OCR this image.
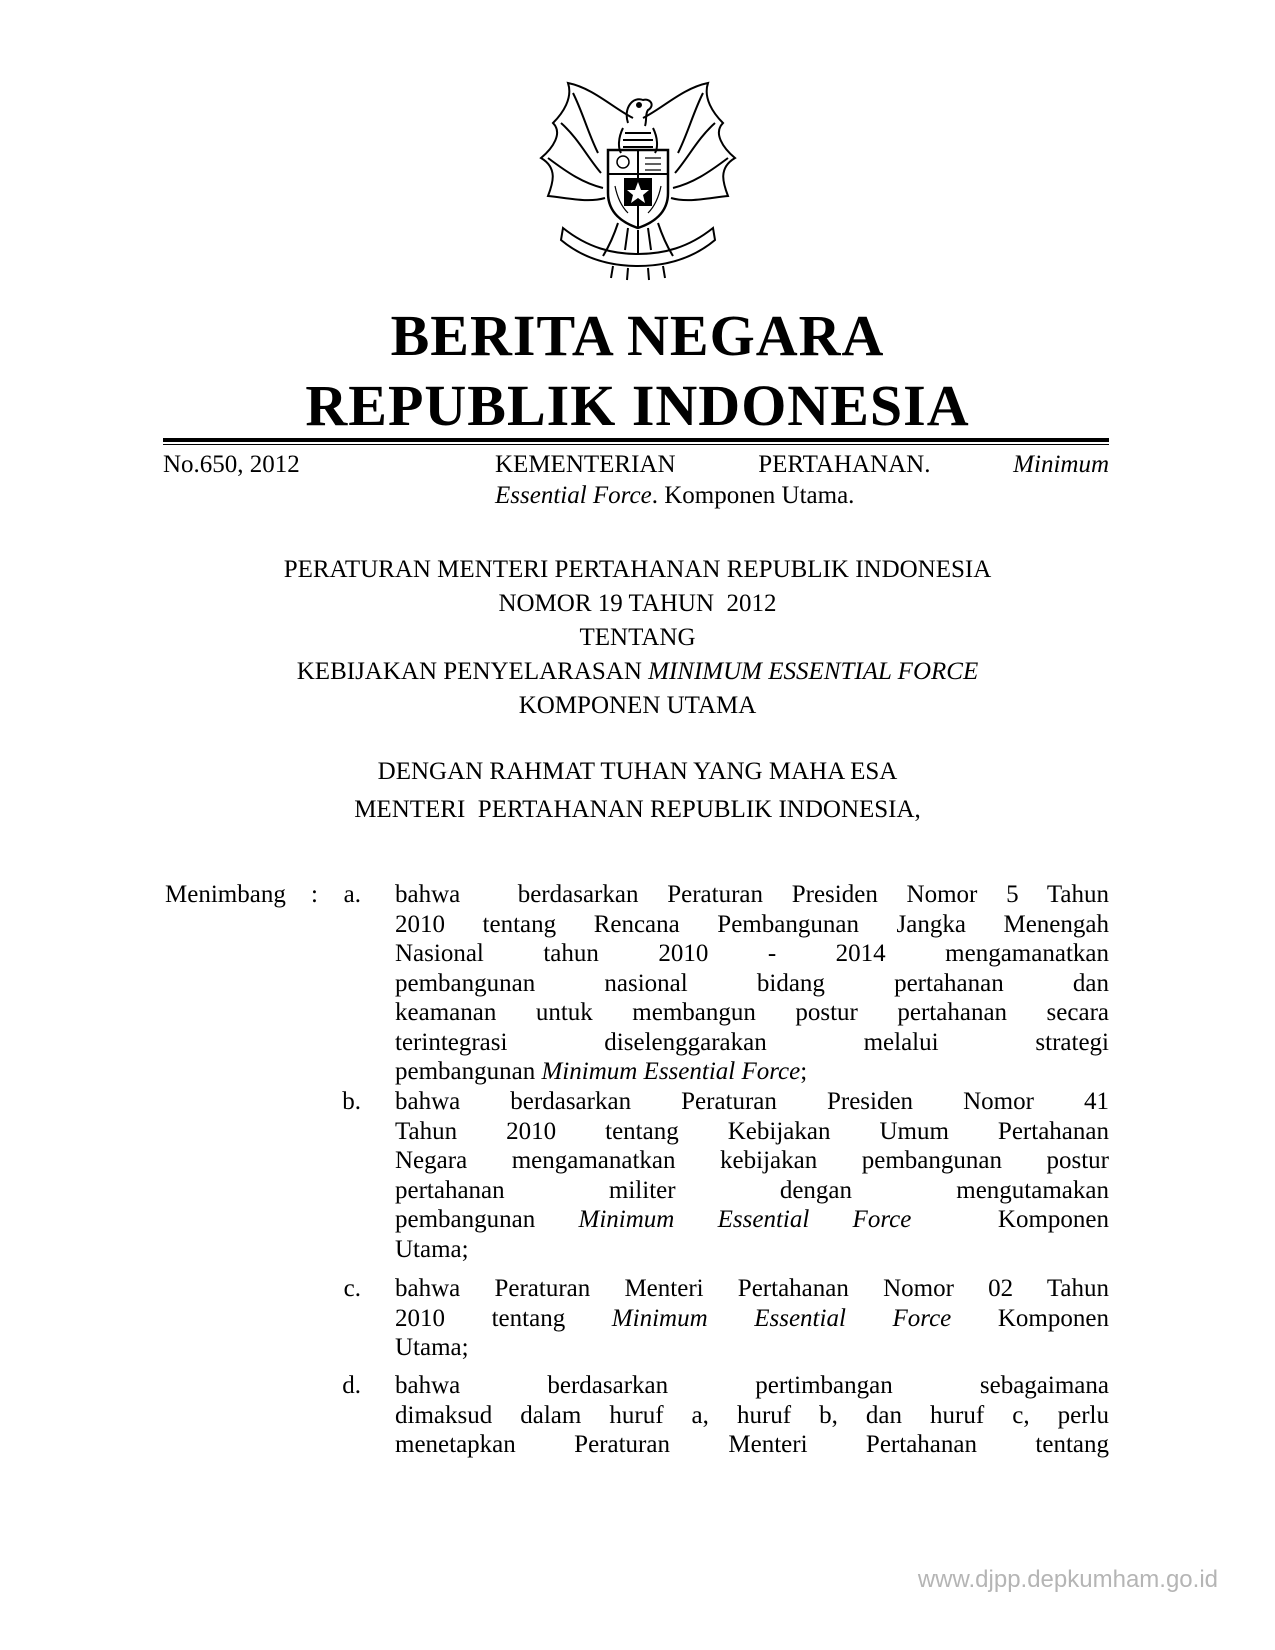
BERITA NEGARA
REPUBLIK INDONESIA
No.650, 2012	KEMENTERIAN	PERTAHANAN.	Minimum
Essential Force. Komponen Utama.
PERATURAN MENTERI PERTAHANAN REPUBLIK INDONESIA
NOMOR 19 TAHUN  2012
TENTANG
KEBIJAKAN PENYELARASAN MINIMUM ESSENTIAL FORCE
KOMPONEN UTAMA
DENGAN RAHMAT TUHAN YANG MAHA ESA
MENTERI  PERTAHANAN REPUBLIK INDONESIA,
Menimbang :	a. bahwa  berdasarkan Peraturan Presiden Nomor 5 Tahun
2010 tentang Rencana Pembangunan Jangka Menengah
Nasional tahun 2010 - 2014 mengamanatkan
pembangunan nasional bidang pertahanan dan
keamanan untuk membangun postur pertahanan secara
terintegrasi diselenggarakan melalui strategi
pembangunan Minimum Essential Force;
b. bahwa berdasarkan Peraturan Presiden Nomor 41
Tahun 2010 tentang Kebijakan Umum Pertahanan
Negara mengamanatkan kebijakan pembangunan postur
pertahanan militer dengan mengutamakan
pembangunan Minimum Essential Force  Komponen
Utama;
c. bahwa Peraturan Menteri Pertahanan Nomor 02 Tahun
2010 tentang Minimum Essential Force Komponen
Utama;
d. bahwa berdasarkan pertimbangan sebagaimana
dimaksud dalam huruf a, huruf b, dan huruf c, perlu
menetapkan Peraturan Menteri Pertahanan tentang
www.djpp.depkumham.go.id
